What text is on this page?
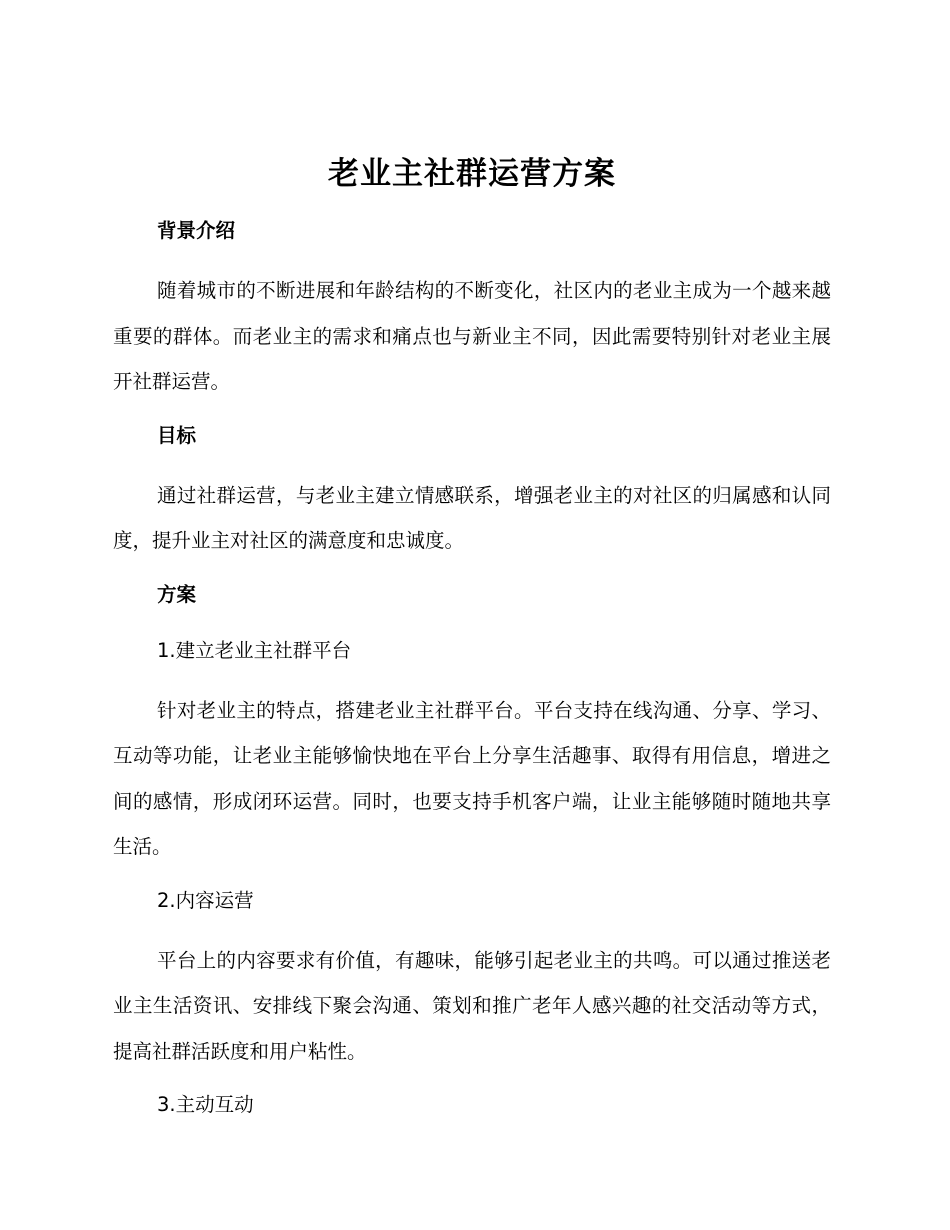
老业主社群运营方案

背景介绍

随着城市的不断进展和年龄结构的不断变化，社区内的老业主成为一个越来越重要的群体。而老业主的需求和痛点也与新业主不同，因此需要特别针对老业主展开社群运营。

目标

通过社群运营，与老业主建立情感联系，增强老业主的对社区的归属感和认同度，提升业主对社区的满意度和忠诚度。

方案

1.建立老业主社群平台

针对老业主的特点，搭建老业主社群平台。平台支持在线沟通、分享、学习、互动等功能，让老业主能够愉快地在平台上分享生活趣事、取得有用信息，增进之间的感情，形成闭环运营。同时，也要支持手机客户端，让业主能够随时随地共享生活。

2.内容运营

平台上的内容要求有价值，有趣味，能够引起老业主的共鸣。可以通过推送老业主生活资讯、安排线下聚会沟通、策划和推广老年人感兴趣的社交活动等方式，提高社群活跃度和用户粘性。

3.主动互动
